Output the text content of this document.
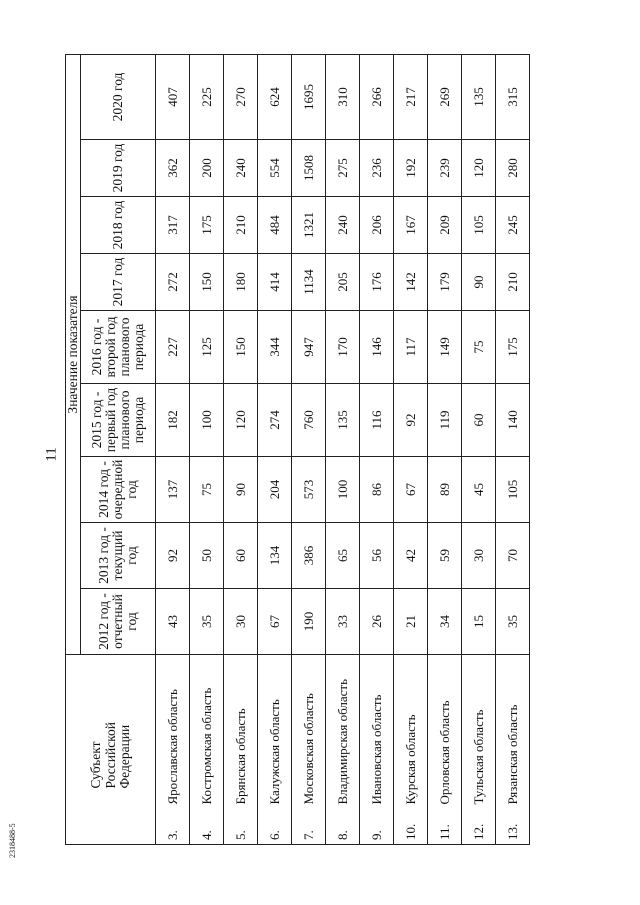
11
2318488-5
	Субъект Российской Федерации	Значение показателя								
		2012 год - отчетный год	2013 год - текущий год	2014 год - очередной год	2015 год - первый год планового периода	2016 год - второй год планового периода	2017 год	2018 год	2019 год	2020 год
3.	Ярославская область	43	92	137	182	227	272	317	362	407
4.	Костромская область	35	50	75	100	125	150	175	200	225
5.	Брянская область	30	60	90	120	150	180	210	240	270
6.	Калужская область	67	134	204	274	344	414	484	554	624
7.	Московская область	190	386	573	760	947	1134	1321	1508	1695
8.	Владимирская область	33	65	100	135	170	205	240	275	310
9.	Ивановская область	26	56	86	116	146	176	206	236	266
10.	Курская область	21	42	67	92	117	142	167	192	217
11.	Орловская область	34	59	89	119	149	179	209	239	269
12.	Тульская область	15	30	45	60	75	90	105	120	135
13.	Рязанская область	35	70	105	140	175	210	245	280	315
